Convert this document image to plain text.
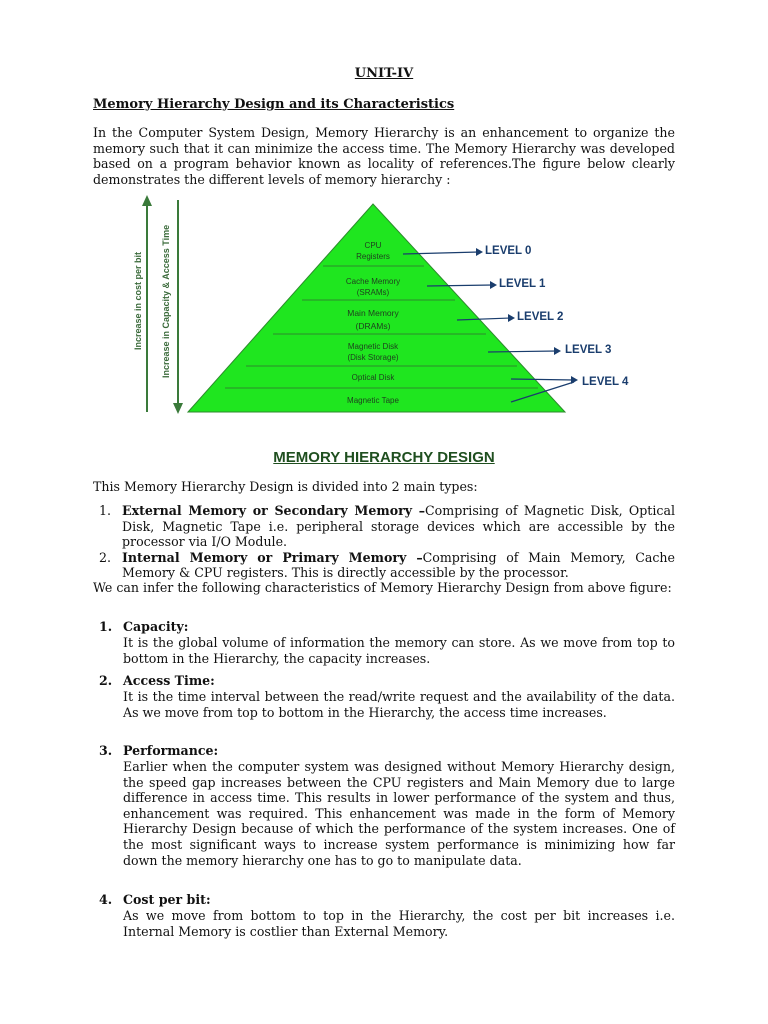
UNIT-IV
Memory Hierarchy Design and its Characteristics
In the Computer System Design, Memory Hierarchy is an enhancement to organize the memory such that it can minimize the access time. The Memory Hierarchy was developed based on a program behavior known as locality of references.The figure below clearly demonstrates the different levels of memory hierarchy :
Increase in cost per bit Increase in Capacity & Access Time	CPU
Registers
Cache Memory
(SRAMs)
Main Memory
(DRAMs)
Magnetic Disk
(Disk Storage)
Optical Disk
Magnetic Tape
LEVEL 0
LEVEL 1
LEVEL 2
LEVEL 3
LEVEL 4
MEMORY HIERARCHY DESIGN
This Memory Hierarchy Design is divided into 2 main types:
1. External Memory or Secondary Memory –Comprising of Magnetic Disk, Optical Disk, Magnetic Tape i.e. peripheral storage devices which are accessible by the processor via I/O Module.
2. Internal Memory or Primary Memory –Comprising of Main Memory, Cache Memory & CPU registers. This is directly accessible by the processor.
We can infer the following characteristics of Memory Hierarchy Design from above figure:
1. Capacity:
It is the global volume of information the memory can store. As we move from top to bottom in the Hierarchy, the capacity increases.
2. Access Time:
It is the time interval between the read/write request and the availability of the data. As we move from top to bottom in the Hierarchy, the access time increases.
3. Performance:
Earlier when the computer system was designed without Memory Hierarchy design, the speed gap increases between the CPU registers and Main Memory due to large difference in access time. This results in lower performance of the system and thus, enhancement was required. This enhancement was made in the form of Memory Hierarchy Design because of which the performance of the system increases. One of the most significant ways to increase system performance is minimizing how far down the memory hierarchy one has to go to manipulate data.
4. Cost per bit:
As we move from bottom to top in the Hierarchy, the cost per bit increases i.e. Internal Memory is costlier than External Memory.
